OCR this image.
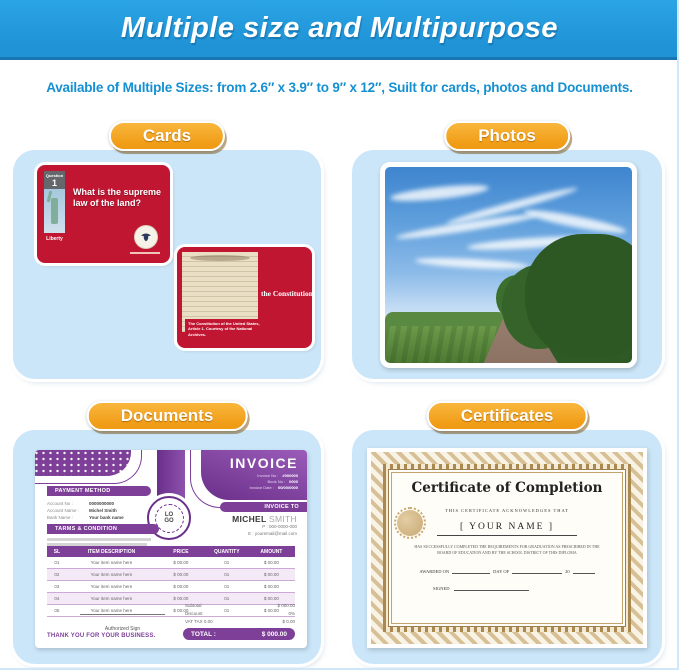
Multiple size and Multipurpose
Available of Multiple Sizes: from 2.6″ x 3.9″ to 9″ x 12″, Suilt for cards, photos and Documents.
Cards
Question
1
Liberty
What is the supreme law of the land?
the Constitution
The Constitution of the United States, Article 1. Courtesy of the National Archives.
Photos
Documents
INVOICE
Invoice No : #000000
Book No : 0000
Invoice Date : 00/00/0000
LO
GO
PAYMENT METHOD
Account No :	0000000000
Account Name :	Michel Smith
Bank Name :	Your bank name
TARMS & CONDITION
INVOICE TO
MICHEL SMITH
P : 000-0000-000
E : youremail@mail.com
SL	ITEM DESCRIPTION	PRICE	QUANTITY	AMOUNT
01	Your item name here	$ 00.00	01	$ 00.00
02	Your item name here	$ 00.00	01	$ 00.00
03	Your item name here	$ 00.00	01	$ 00.00
04	Your item name here	$ 00.00	01	$ 00.00
05	Your item name here	$ 00.00	01	$ 00.00
Subtotal	$ 000.00
Discount	0%
VAT TAX 0.00	$ 0.00
TOTAL :	$ 000.00
Authorized Sign
THANK YOU FOR YOUR BUSINESS.
Certificates
Certificate of Completion
THIS CERTIFICATE ACKNOWLEDGES THAT
[ YOUR NAME ]
HAS SUCCESSFULLY COMPLETED THE REQUIREMENTS FOR GRADUATION AS PRESCRIBED IN THE BOARD OF EDUCATION AND BY THE SCHOOL DISTRICT OF THIS DIPLOMA
AWARDED ON	DAY OF	20
SIGNED
